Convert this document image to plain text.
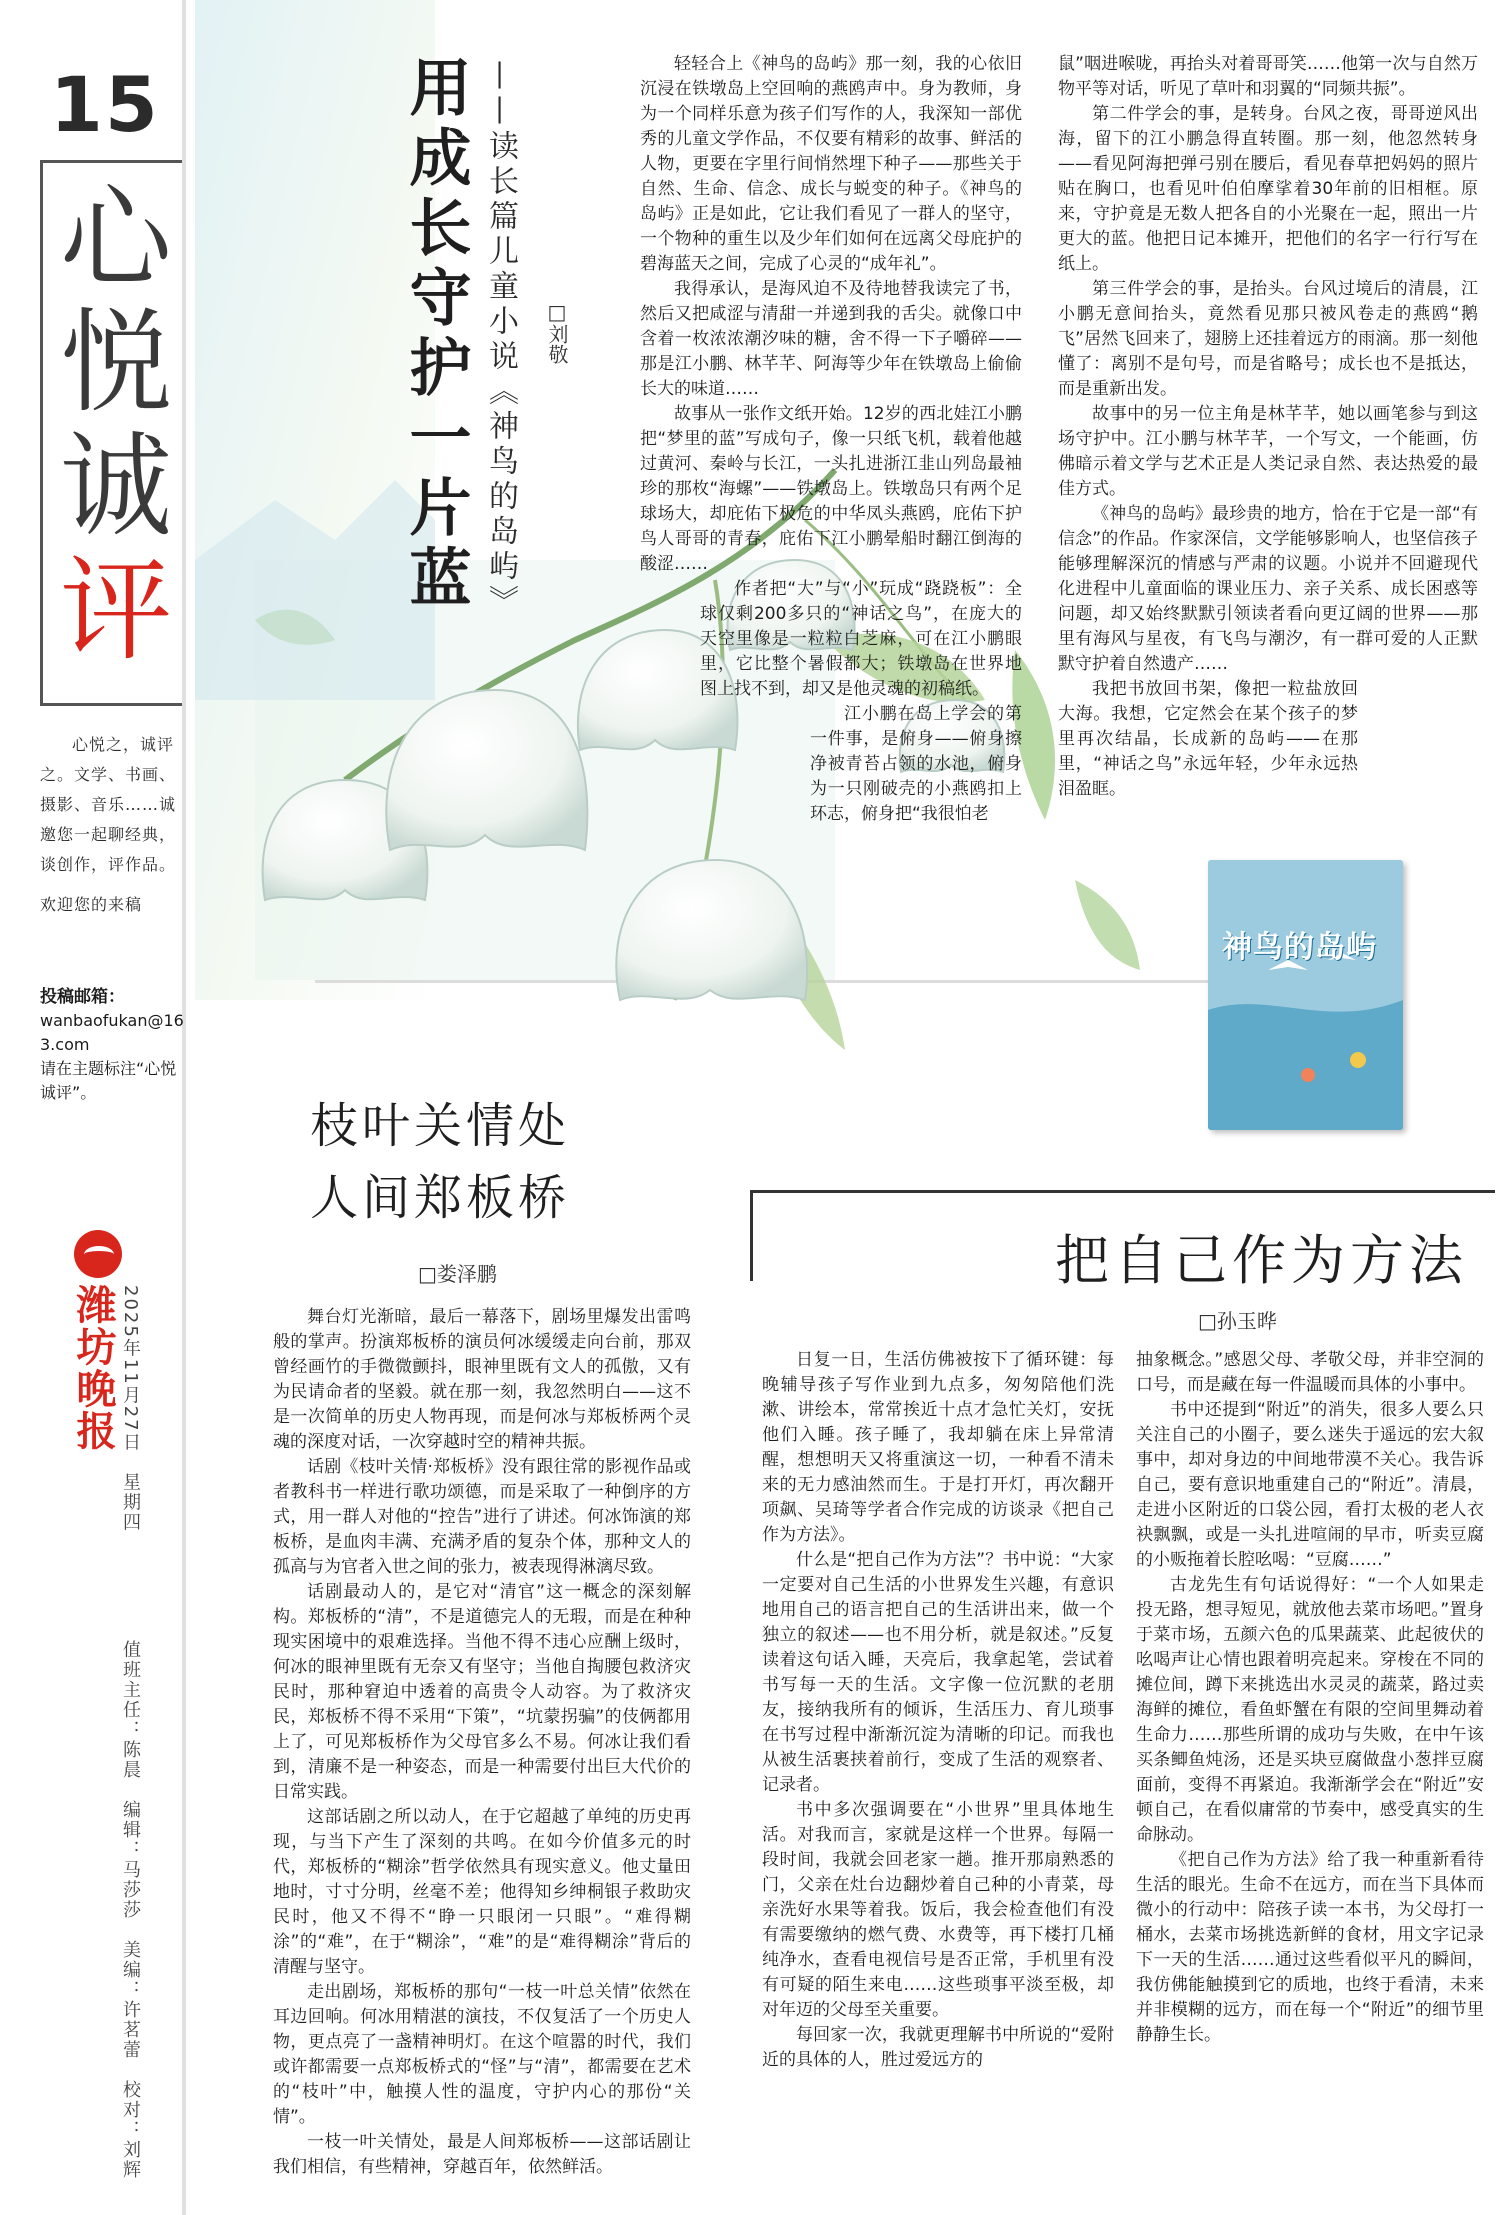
15
心
悦
诚
评
心悦之，诚评之。文学、书画、摄影、音乐……诚邀您一起聊经典，谈创作，评作品。
欢迎您的来稿
投稿邮箱：
wanbaofukan@163.com
请在主题标注“心悦诚评”。
潍坊晚报 2025年11月27日　星期四
值班主任：陈晨　编辑：马莎莎　美编：许茗蕾　校对：刘辉
用成长守护一片蓝 ——读长篇儿童小说《神鸟的岛屿》 □刘敬

轻轻合上《神鸟的岛屿》那一刻，我的心依旧沉浸在铁墩岛上空回响的燕鸥声中。身为教师，身为一个同样乐意为孩子们写作的人，我深知一部优秀的儿童文学作品，不仅要有精彩的故事、鲜活的人物，更要在字里行间悄然埋下种子——那些关于自然、生命、信念、成长与蜕变的种子。《神鸟的岛屿》正是如此，它让我们看见了一群人的坚守，一个物种的重生以及少年们如何在远离父母庇护的碧海蓝天之间，完成了心灵的“成年礼”。

我得承认，是海风迫不及待地替我读完了书，然后又把咸涩与清甜一并递到我的舌尖。就像口中含着一枚浓浓潮汐味的糖，舍不得一下子嚼碎——那是江小鹏、林芊芊、阿海等少年在铁墩岛上偷偷长大的味道……

故事从一张作文纸开始。12岁的西北娃江小鹏把“梦里的蓝”写成句子，像一只纸飞机，载着他越过黄河、秦岭与长江，一头扎进浙江韭山列岛最袖珍的那枚“海螺”——铁墩岛上。铁墩岛只有两个足球场大，却庇佑下极危的中华凤头燕鸥，庇佑下护鸟人哥哥的青春，庇佑下江小鹏晕船时翻江倒海的酸涩……

作者把“大”与“小”玩成“跷跷板”：全球仅剩200多只的“神话之鸟”，在庞大的天空里像是一粒粒白芝麻，可在江小鹏眼里，它比整个暑假都大；铁墩岛在世界地图上找不到，却又是他灵魂的初稿纸。

江小鹏在岛上学会的第一件事，是俯身——俯身擦净被青苔占领的水池，俯身为一只刚破壳的小燕鸥扣上环志，俯身把“我很怕老

鼠”咽进喉咙，再抬头对着哥哥笑……他第一次与自然万物平等对话，听见了草叶和羽翼的“同频共振”。

第二件学会的事，是转身。台风之夜，哥哥逆风出海，留下的江小鹏急得直转圈。那一刻，他忽然转身——看见阿海把弹弓别在腰后，看见春草把妈妈的照片贴在胸口，也看见叶伯伯摩挲着30年前的旧相框。原来，守护竟是无数人把各自的小光聚在一起，照出一片更大的蓝。他把日记本摊开，把他们的名字一行行写在纸上。

第三件学会的事，是抬头。台风过境后的清晨，江小鹏无意间抬头，竟然看见那只被风卷走的燕鸥“鹅飞”居然飞回来了，翅膀上还挂着远方的雨滴。那一刻他懂了：离别不是句号，而是省略号；成长也不是抵达，而是重新出发。

故事中的另一位主角是林芊芊，她以画笔参与到这场守护中。江小鹏与林芊芊，一个写文，一个能画，仿佛暗示着文学与艺术正是人类记录自然、表达热爱的最佳方式。

《神鸟的岛屿》最珍贵的地方，恰在于它是一部“有信念”的作品。作家深信，文学能够影响人，也坚信孩子能够理解深沉的情感与严肃的议题。小说并不回避现代化进程中儿童面临的课业压力、亲子关系、成长困惑等问题，却又始终默默引领读者看向更辽阔的世界——那里有海风与星夜，有飞鸟与潮汐，有一群可爱的人正默默守护着自然遗产……

我把书放回书架，像把一粒盐放回大海。我想，它定然会在某个孩子的梦里再次结晶，长成新的岛屿——在那里，“神话之鸟”永远年轻，少年永远热泪盈眶。

神鸟的岛屿
枝叶关情处
人间郑板桥
□娄泽鹏

舞台灯光渐暗，最后一幕落下，剧场里爆发出雷鸣般的掌声。扮演郑板桥的演员何冰缓缓走向台前，那双曾经画竹的手微微颤抖，眼神里既有文人的孤傲，又有为民请命者的坚毅。就在那一刻，我忽然明白——这不是一次简单的历史人物再现，而是何冰与郑板桥两个灵魂的深度对话，一次穿越时空的精神共振。

话剧《枝叶关情·郑板桥》没有跟往常的影视作品或者教科书一样进行歌功颂德，而是采取了一种倒序的方式，用一群人对他的“控告”进行了讲述。何冰饰演的郑板桥，是血肉丰满、充满矛盾的复杂个体，那种文人的孤高与为官者入世之间的张力，被表现得淋漓尽致。

话剧最动人的，是它对“清官”这一概念的深刻解构。郑板桥的“清”，不是道德完人的无瑕，而是在种种现实困境中的艰难选择。当他不得不违心应酬上级时，何冰的眼神里既有无奈又有坚守；当他自掏腰包救济灾民时，那种窘迫中透着的高贵令人动容。为了救济灾民，郑板桥不得不采用“下策”，“坑蒙拐骗”的伎俩都用上了，可见郑板桥作为父母官多么不易。何冰让我们看到，清廉不是一种姿态，而是一种需要付出巨大代价的日常实践。

这部话剧之所以动人，在于它超越了单纯的历史再现，与当下产生了深刻的共鸣。在如今价值多元的时代，郑板桥的“糊涂”哲学依然具有现实意义。他丈量田地时，寸寸分明，丝毫不差；他得知乡绅桐银子救助灾民时，他又不得不“睁一只眼闭一只眼”。“难得糊涂”的“难”，在于“糊涂”，“难”的是“难得糊涂”背后的清醒与坚守。

走出剧场，郑板桥的那句“一枝一叶总关情”依然在耳边回响。何冰用精湛的演技，不仅复活了一个历史人物，更点亮了一盏精神明灯。在这个喧嚣的时代，我们或许都需要一点郑板桥式的“怪”与“清”，都需要在艺术的“枝叶”中，触摸人性的温度，守护内心的那份“关情”。

一枝一叶关情处，最是人间郑板桥——这部话剧让我们相信，有些精神，穿越百年，依然鲜活。

把自己作为方法
□孙玉晔

日复一日，生活仿佛被按下了循环键：每晚辅导孩子写作业到九点多，匆匆陪他们洗漱、讲绘本，常常挨近十点才急忙关灯，安抚他们入睡。孩子睡了，我却躺在床上异常清醒，想想明天又将重演这一切，一种看不清未来的无力感油然而生。于是打开灯，再次翻开项飙、吴琦等学者合作完成的访谈录《把自己作为方法》。

什么是“把自己作为方法”？书中说：“大家一定要对自己生活的小世界发生兴趣，有意识地用自己的语言把自己的生活讲出来，做一个独立的叙述——也不用分析，就是叙述。”反复读着这句话入睡，天亮后，我拿起笔，尝试着书写每一天的生活。文字像一位沉默的老朋友，接纳我所有的倾诉，生活压力、育儿琐事在书写过程中渐渐沉淀为清晰的印记。而我也从被生活裹挟着前行，变成了生活的观察者、记录者。

书中多次强调要在“小世界”里具体地生活。对我而言，家就是这样一个世界。每隔一段时间，我就会回老家一趟。推开那扇熟悉的门，父亲在灶台边翻炒着自己种的小青菜，母亲洗好水果等着我。饭后，我会检查他们有没有需要缴纳的燃气费、水费等，再下楼打几桶纯净水，查看电视信号是否正常，手机里有没有可疑的陌生来电……这些琐事平淡至极，却对年迈的父母至关重要。

每回家一次，我就更理解书中所说的“爱附近的具体的人，胜过爱远方的

抽象概念。”感恩父母、孝敬父母，并非空洞的口号，而是藏在每一件温暖而具体的小事中。

书中还提到“附近”的消失，很多人要么只关注自己的小圈子，要么迷失于遥远的宏大叙事中，却对身边的中间地带漠不关心。我告诉自己，要有意识地重建自己的“附近”。清晨，走进小区附近的口袋公园，看打太极的老人衣袂飘飘，或是一头扎进喧闹的早市，听卖豆腐的小贩拖着长腔吆喝：“豆腐……”

古龙先生有句话说得好：“一个人如果走投无路，想寻短见，就放他去菜市场吧。”置身于菜市场，五颜六色的瓜果蔬菜、此起彼伏的吆喝声让心情也跟着明亮起来。穿梭在不同的摊位间，蹲下来挑选出水灵灵的蔬菜，路过卖海鲜的摊位，看鱼虾蟹在有限的空间里舞动着生命力……那些所谓的成功与失败，在中午该买条鲫鱼炖汤，还是买块豆腐做盘小葱拌豆腐面前，变得不再紧迫。我渐渐学会在“附近”安顿自己，在看似庸常的节奏中，感受真实的生命脉动。

《把自己作为方法》给了我一种重新看待生活的眼光。生命不在远方，而在当下具体而微小的行动中：陪孩子读一本书，为父母打一桶水，去菜市场挑选新鲜的食材，用文字记录下一天的生活……通过这些看似平凡的瞬间，我仿佛能触摸到它的质地，也终于看清，未来并非模糊的远方，而在每一个“附近”的细节里静静生长。
